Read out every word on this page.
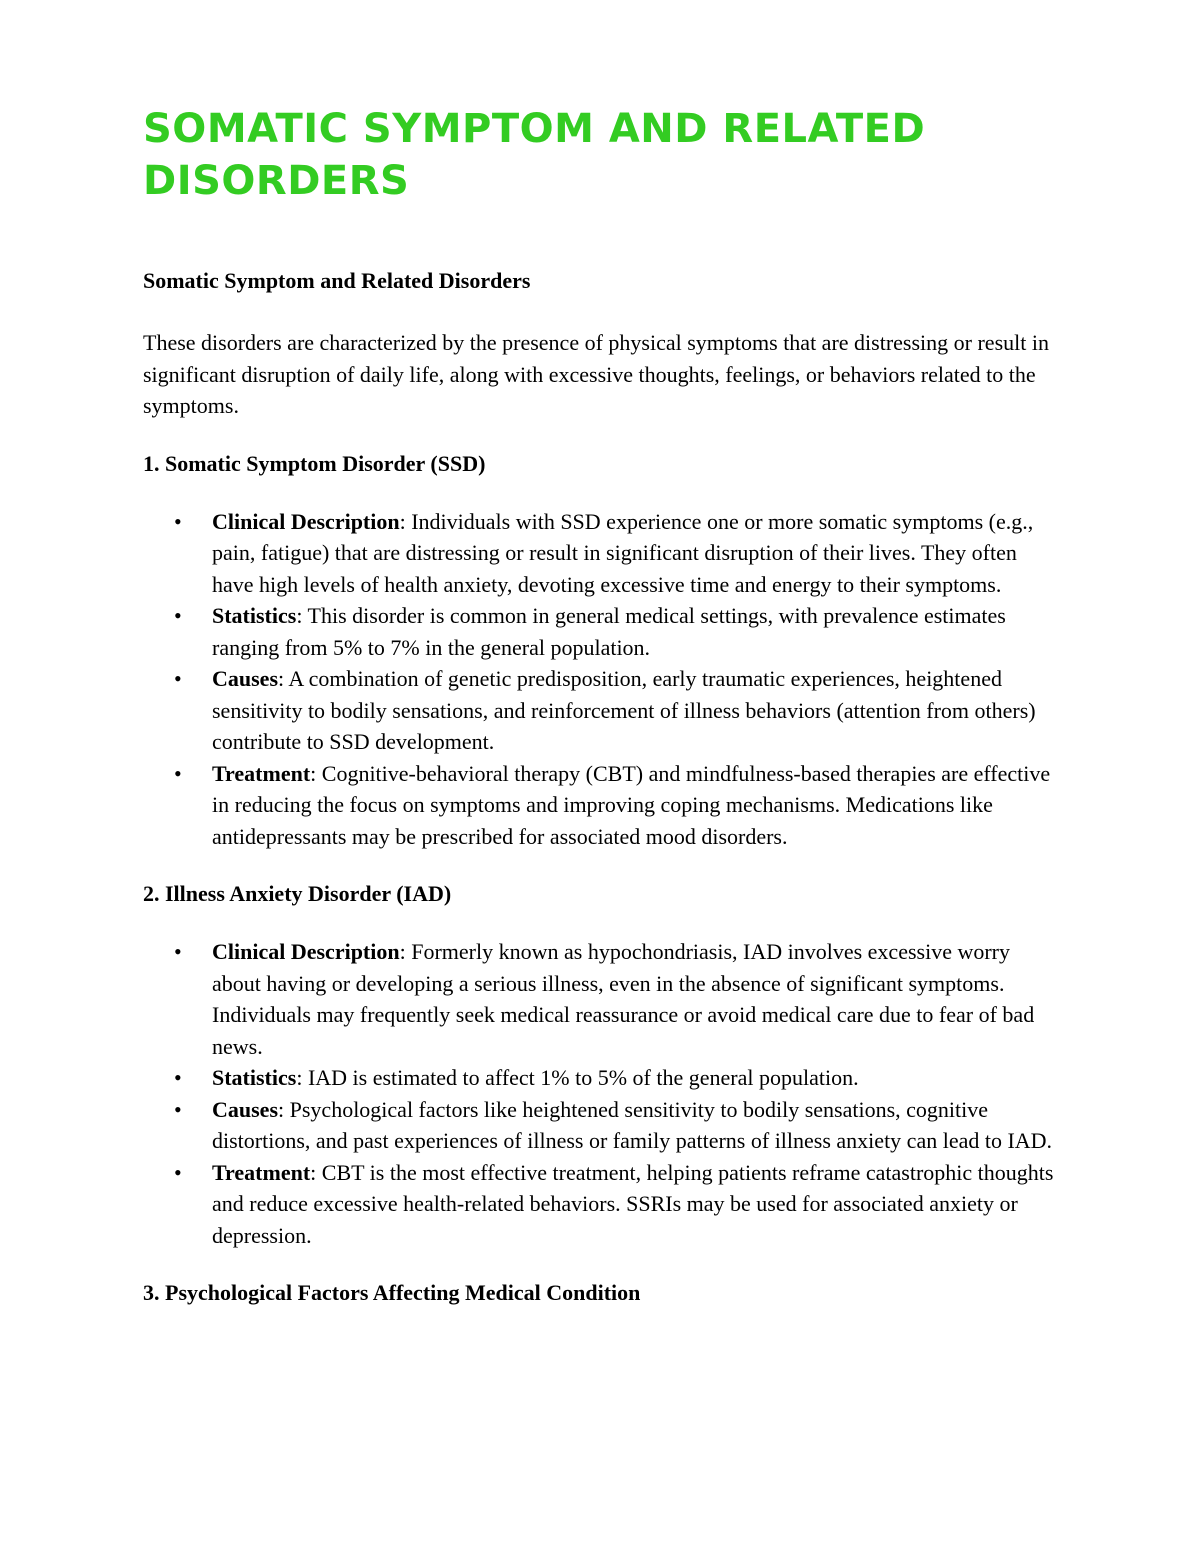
SOMATIC SYMPTOM AND RELATED DISORDERS
Somatic Symptom and Related Disorders

These disorders are characterized by the presence of physical symptoms that are distressing or result in significant disruption of daily life, along with excessive thoughts, feelings, or behaviors related to the symptoms.

1. Somatic Symptom Disorder (SSD)
• Clinical Description: Individuals with SSD experience one or more somatic symptoms (e.g., pain, fatigue) that are distressing or result in significant disruption of their lives. They often have high levels of health anxiety, devoting excessive time and energy to their symptoms.
• Statistics: This disorder is common in general medical settings, with prevalence estimates ranging from 5% to 7% in the general population.
• Causes: A combination of genetic predisposition, early traumatic experiences, heightened sensitivity to bodily sensations, and reinforcement of illness behaviors (attention from others) contribute to SSD development.
• Treatment: Cognitive-behavioral therapy (CBT) and mindfulness-based therapies are effective in reducing the focus on symptoms and improving coping mechanisms. Medications like antidepressants may be prescribed for associated mood disorders.
2. Illness Anxiety Disorder (IAD)
• Clinical Description: Formerly known as hypochondriasis, IAD involves excessive worry about having or developing a serious illness, even in the absence of significant symptoms. Individuals may frequently seek medical reassurance or avoid medical care due to fear of bad news.
• Statistics: IAD is estimated to affect 1% to 5% of the general population.
• Causes: Psychological factors like heightened sensitivity to bodily sensations, cognitive distortions, and past experiences of illness or family patterns of illness anxiety can lead to IAD.
• Treatment: CBT is the most effective treatment, helping patients reframe catastrophic thoughts and reduce excessive health-related behaviors. SSRIs may be used for associated anxiety or depression.
3. Psychological Factors Affecting Medical Condition
